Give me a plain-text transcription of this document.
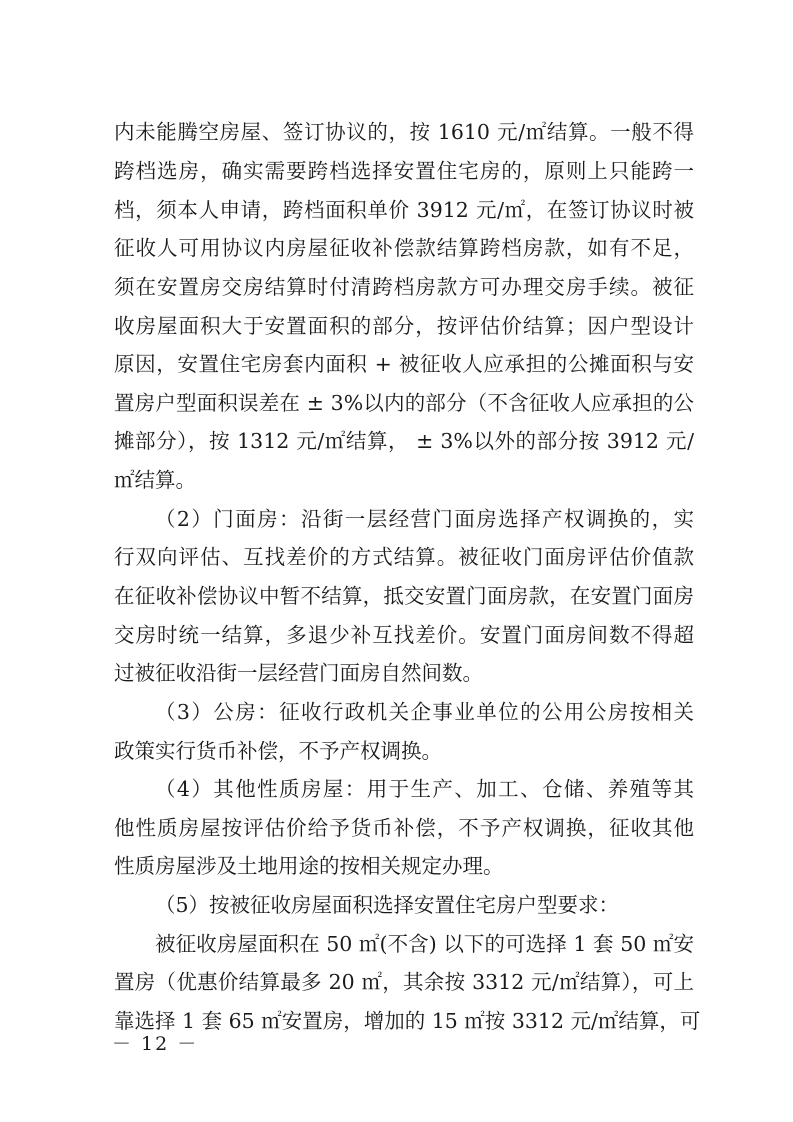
内未能腾空房屋、签订协议的，按 1610 元/㎡结算。一般不得
跨档选房，确实需要跨档选择安置住宅房的，原则上只能跨一
档，须本人申请，跨档面积单价 3912 元/㎡，在签订协议时被
征收人可用协议内房屋征收补偿款结算跨档房款，如有不足，
须在安置房交房结算时付清跨档房款方可办理交房手续。被征
收房屋面积大于安置面积的部分，按评估价结算；因户型设计
原因，安置住宅房套内面积 + 被征收人应承担的公摊面积与安
置房户型面积误差在 ± 3%以内的部分（不含征收人应承担的公
摊部分），按 1312 元/㎡结算， ± 3%以外的部分按 3912 元/
㎡结算。
（2）门面房：沿街一层经营门面房选择产权调换的，实
行双向评估、互找差价的方式结算。被征收门面房评估价值款
在征收补偿协议中暂不结算，抵交安置门面房款，在安置门面房
交房时统一结算，多退少补互找差价。安置门面房间数不得超
过被征收沿街一层经营门面房自然间数。
（3）公房：征收行政机关企事业单位的公用公房按相关
政策实行货币补偿，不予产权调换。
（4）其他性质房屋：用于生产、加工、仓储、养殖等其
他性质房屋按评估价给予货币补偿，不予产权调换，征收其他
性质房屋涉及土地用途的按相关规定办理。
（5）按被征收房屋面积选择安置住宅房户型要求：
被征收房屋面积在 50 ㎡(不含) 以下的可选择 1 套 50 ㎡安
置房（优惠价结算最多 20 ㎡，其余按 3312 元/㎡结算），可上
靠选择 1 套 65 ㎡安置房，增加的 15 ㎡按 3312 元/㎡结算，可
－ 12 －
